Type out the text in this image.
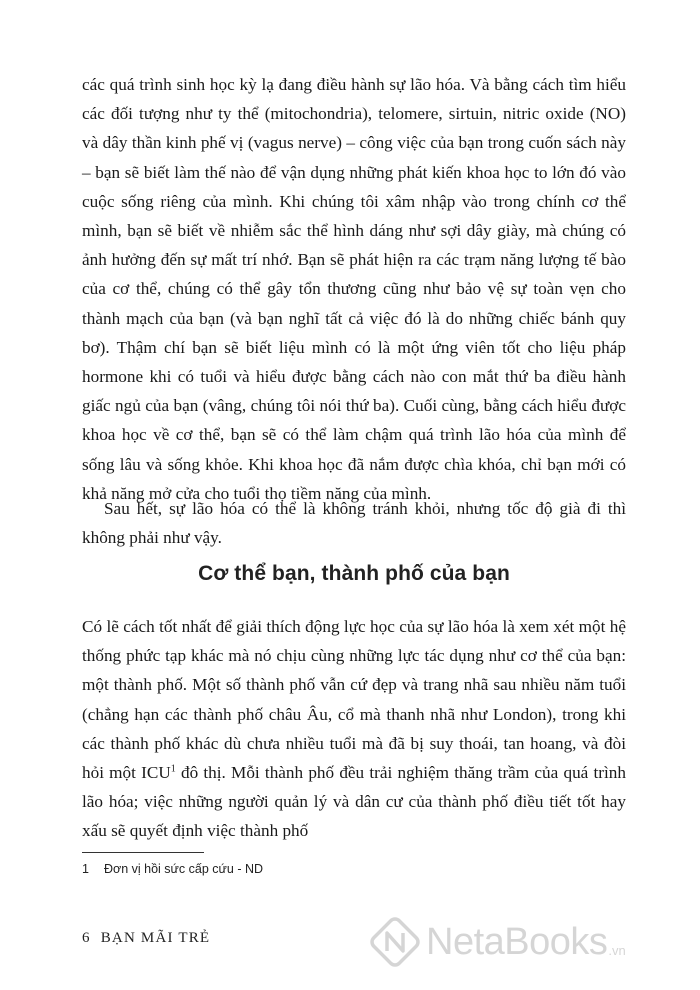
các quá trình sinh học kỳ lạ đang điều hành sự lão hóa. Và bằng cách tìm hiểu các đối tượng như ty thể (mitochondria), telomere, sirtuin, nitric oxide (NO) và dây thần kinh phế vị (vagus nerve) – công việc của bạn trong cuốn sách này – bạn sẽ biết làm thế nào để vận dụng những phát kiến khoa học to lớn đó vào cuộc sống riêng của mình. Khi chúng tôi xâm nhập vào trong chính cơ thể mình, bạn sẽ biết về nhiễm sắc thể hình dáng như sợi dây giày, mà chúng có ảnh hưởng đến sự mất trí nhớ. Bạn sẽ phát hiện ra các trạm năng lượng tế bào của cơ thể, chúng có thể gây tổn thương cũng như bảo vệ sự toàn vẹn cho thành mạch của bạn (và bạn nghĩ tất cả việc đó là do những chiếc bánh quy bơ). Thậm chí bạn sẽ biết liệu mình có là một ứng viên tốt cho liệu pháp hormone khi có tuổi và hiểu được bằng cách nào con mắt thứ ba điều hành giấc ngủ của bạn (vâng, chúng tôi nói thứ ba). Cuối cùng, bằng cách hiểu được khoa học về cơ thể, bạn sẽ có thể làm chậm quá trình lão hóa của mình để sống lâu và sống khỏe. Khi khoa học đã nắm được chìa khóa, chỉ bạn mới có khả năng mở cửa cho tuổi thọ tiềm năng của mình.

Sau hết, sự lão hóa có thể là không tránh khỏi, nhưng tốc độ già đi thì không phải như vậy.

Cơ thể bạn, thành phố của bạn

Có lẽ cách tốt nhất để giải thích động lực học của sự lão hóa là xem xét một hệ thống phức tạp khác mà nó chịu cùng những lực tác dụng như cơ thể của bạn: một thành phố. Một số thành phố vẫn cứ đẹp và trang nhã sau nhiều năm tuổi (chẳng hạn các thành phố châu Âu, cổ mà thanh nhã như London), trong khi các thành phố khác dù chưa nhiều tuổi mà đã bị suy thoái, tan hoang, và đòi hỏi một ICU$^1$ đô thị. Mỗi thành phố đều trải nghiệm thăng trầm của quá trình lão hóa; việc những người quản lý và dân cư của thành phố điều tiết tốt hay xấu sẽ quyết định việc thành phố

1 Đơn vị hồi sức cấp cứu - ND
6 BẠN MÃI TRẺ	NetaBooks .vn
